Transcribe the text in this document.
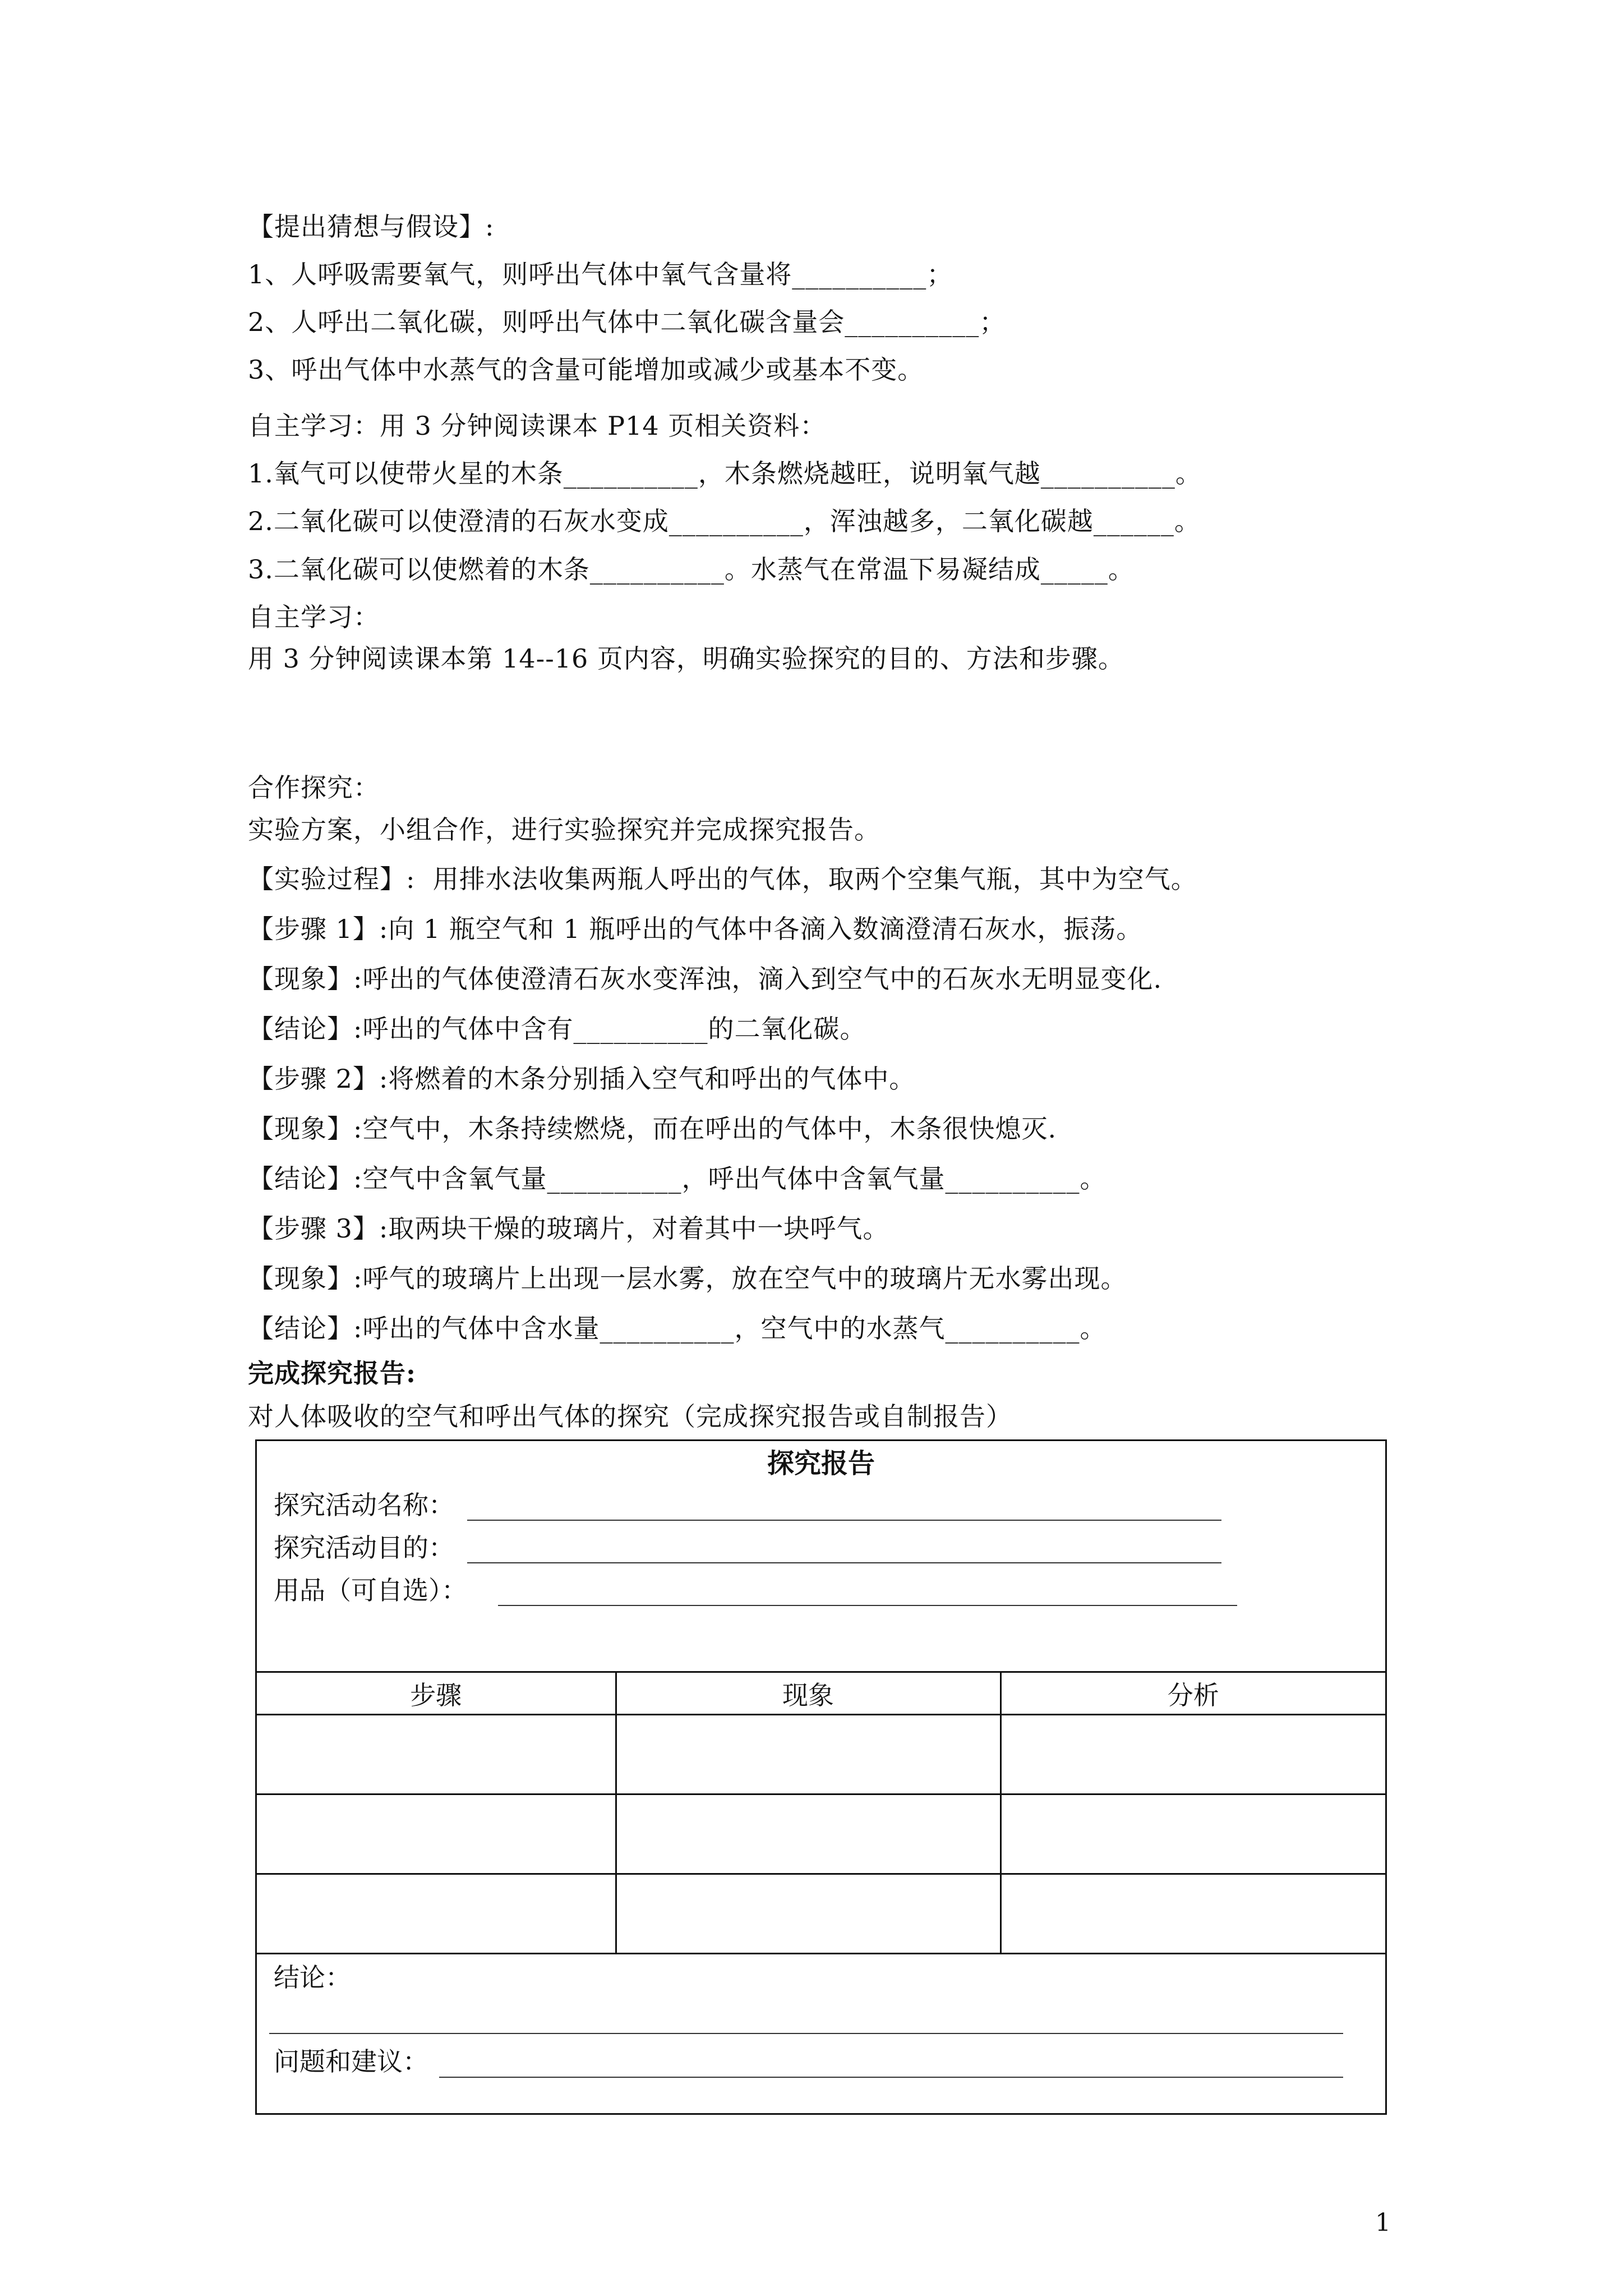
【提出猜想与假设】:
1、人呼吸需要氧气，则呼出气体中氧气含量将__________；
2、人呼出二氧化碳，则呼出气体中二氧化碳含量会__________；
3、呼出气体中水蒸气的含量可能增加或减少或基本不变。
自主学习：用 3 分钟阅读课本 P14 页相关资料：
1.氧气可以使带火星的木条__________，木条燃烧越旺，说明氧气越__________。
2.二氧化碳可以使澄清的石灰水变成__________，浑浊越多，二氧化碳越______。
3.二氧化碳可以使燃着的木条__________。水蒸气在常温下易凝结成_____。
自主学习：
用 3 分钟阅读课本第 14--16 页内容，明确实验探究的目的、方法和步骤。
合作探究：
实验方案，小组合作，进行实验探究并完成探究报告。
【实验过程】:  用排水法收集两瓶人呼出的气体，取两个空集气瓶，其中为空气。
【步骤 1】:向 1 瓶空气和 1 瓶呼出的气体中各滴入数滴澄清石灰水，振荡。
【现象】:呼出的气体使澄清石灰水变浑浊，滴入到空气中的石灰水无明显变化.
【结论】:呼出的气体中含有__________的二氧化碳。
【步骤 2】:将燃着的木条分别插入空气和呼出的气体中。
【现象】:空气中，木条持续燃烧，而在呼出的气体中，木条很快熄灭.
【结论】:空气中含氧气量__________，呼出气体中含氧气量__________。
【步骤 3】:取两块干燥的玻璃片，对着其中一块呼气。
【现象】:呼气的玻璃片上出现一层水雾，放在空气中的玻璃片无水雾出现。
【结论】:呼出的气体中含水量__________，空气中的水蒸气__________。
完成探究报告:
对人体吸收的空气和呼出气体的探究（完成探究报告或自制报告）
探究报告
探究活动名称：
探究活动目的：
用品（可自选）：
步骤	现象	分析

结论：
问题和建议：
1
